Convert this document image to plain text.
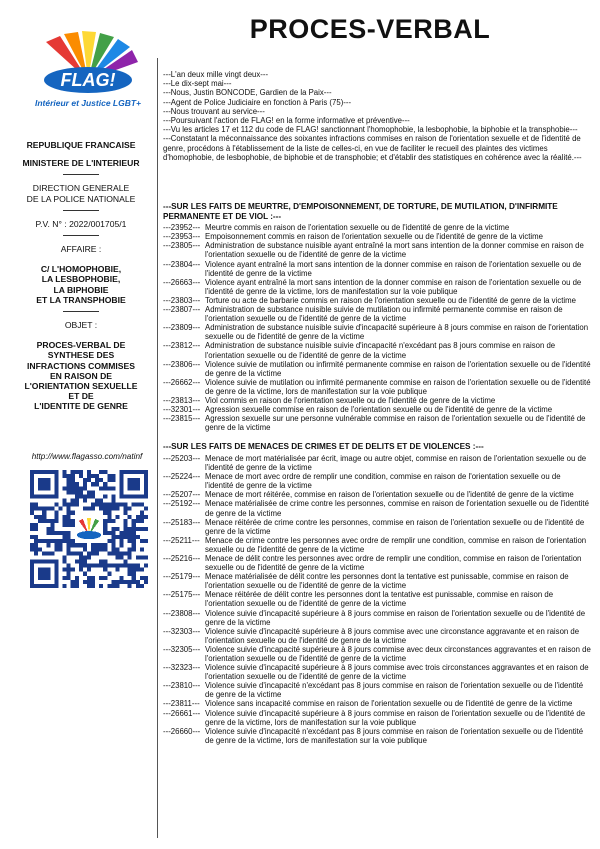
PROCES-VERBAL
FLAG!
Intérieur et Justice LGBT+

REPUBLIQUE FRANCAISE

MINISTERE DE L'INTERIEUR

DIRECTION GENERALE

DE LA POLICE NATIONALE

P.V. N° : 2022/001705/1

AFFAIRE :

C/ L'HOMOPHOBIE,

LA LESBOPHOBIE,

LA BIPHOBIE

ET LA TRANSPHOBIE

OBJET :

PROCES-VERBAL DE

SYNTHESE DES

INFRACTIONS COMMISES

EN RAISON DE

L'ORIENTATION SEXUELLE

ET DE

L'IDENTITE DE GENRE

http://www.flagasso.com/natinf

---L'an deux mille vingt deux---

---Le dix-sept mai---

---Nous, Justin BONCODE, Gardien de la Paix---

---Agent de Police Judiciaire en fonction à Paris (75)---

---Nous trouvant au service---

---Poursuivant l'action de FLAG! en la forme informative et préventive---

---Vu les articles 17 et 112 du code de FLAG! sanctionnant l'homophobie, la lesbophobie, la biphobie et la transphobie---

---Constatant la méconnaissance des soixantes infractions commises en raison de l'orientation sexuelle et de l'identité de genre, procédons à l'établissement de la liste de celles-ci, en vue de faciliter le recueil des plaintes des victimes d'homophobie, de lesbophobie, de biphobie et de transphobie; et d'établir des statistiques en cohérence avec la réalité.---

---SUR LES FAITS DE MEURTRE, D'EMPOISONNEMENT, DE TORTURE, DE MUTILATION, D'INFIRMITE PERMANENTE ET DE VIOL :---
---23952--- Meurtre commis en raison de l'orientation sexuelle ou de l'identité de genre de la victime
---23953--- Empoisonnement commis en raison de l'orientation sexuelle ou de l'identité de genre de la victime
---23805--- Administration de substance nuisible ayant entraîné la mort sans intention de la donner commise en raison de l'orientation sexuelle ou de l'identité de genre de la victime
---23804--- Violence ayant entraîné la mort sans intention de la donner commise en raison de l'orientation sexuelle ou de l'identité de genre de la victime
---26663--- Violence ayant entraîné la mort sans intention de la donner commise en raison de l'orientation sexuelle ou de l'identité de genre de la victime, lors de manifestation sur la voie publique
---23803--- Torture ou acte de barbarie commis en raison de l'orientation sexuelle ou de l'identité de genre de la victime
---23807--- Administration de substance nuisible suivie de mutilation ou infirmité permanente commise en raison de l'orientation sexuelle ou de l'identité de genre de la victime
---23809--- Administration de substance nuisible suivie d'incapacité supérieure à 8 jours commise en raison de l'orientation sexuelle ou de l'identité de genre de la victime
---23812--- Administration de substance nuisible suivie d'incapacité n'excédant pas 8 jours commise en raison de l'orientation sexuelle ou de l'identité de genre de la victime
---23806--- Violence suivie de mutilation ou infirmité permanente commise en raison de l'orientation sexuelle ou de l'identité de genre de la victime
---26662--- Violence suivie de mutilation ou infirmité permanente commise en raison de l'orientation sexuelle ou de l'identité de genre de la victime, lors de manifestation sur la voie publique
---23813--- Viol commis en raison de l'orientation sexuelle ou de l'identité de genre de la victime
---32301--- Agression sexuelle commise en raison de l'orientation sexuelle ou de l'identité de genre de la victime
---23815--- Agression sexuelle sur une personne vulnérable commise en raison de l'orientation sexuelle ou de l'identité de genre de la victime
---SUR LES FAITS DE MENACES DE CRIMES ET DE DELITS ET DE VIOLENCES :---
---25203--- Menace de mort matérialisée par écrit, image ou autre objet, commise en raison de l'orientation sexuelle ou de l'identité de genre de la victime
---25224--- Menace de mort avec ordre de remplir une condition, commise en raison de l'orientation sexuelle ou de l'identité de genre de la victime
---25207--- Menace de mort réitérée, commise en raison de l'orientation sexuelle ou de l'identité de genre de la victime
---25192--- Menace matérialisée de crime contre les personnes, commise en raison de l'orientation sexuelle ou de l'identité de genre de la victime
---25183--- Menace réitérée de crime contre les personnes, commise en raison de l'orientation sexuelle ou de l'identité de genre de la victime
---25211--- Menace de crime contre les personnes avec ordre de remplir une condition, commise en raison de l'orientation sexuelle ou de l'identité de genre de la victime
---25216--- Menace de délit contre les personnes avec ordre de remplir une condition, commise en raison de l'orientation sexuelle ou de l'identité de genre de la victime
---25179--- Menace matérialisée de délit contre les personnes dont la tentative est punissable, commise en raison de l'orientation sexuelle ou de l'identité de genre de la victime
---25175--- Menace réitérée de délit contre les personnes dont la tentative est punissable, commise en raison de l'orientation sexuelle ou de l'identité de genre de la victime
---23808--- Violence suivie d'incapacité supérieure à 8 jours commise en raison de l'orientation sexuelle ou de l'identité de genre de la victime
---32303--- Violence suivie d'incapacité supérieure à 8 jours commise avec une circonstance aggravante et en raison de l'orientation sexuelle ou de l'identité de genre de la victime
---32305--- Violence suivie d'incapacité supérieure à 8 jours commise avec deux circonstances aggravantes et en raison de l'orientation sexuelle ou de l'identité de genre de la victime
---32323--- Violence suivie d'incapacité supérieure à 8 jours commise avec trois circonstances aggravantes et en raison de l'orientation sexuelle ou de l'identité de genre de la victime
---23810--- Violence suivie d'incapacité n'excédant pas 8 jours commise en raison de l'orientation sexuelle ou de l'identité de genre de la victime
---23811--- Violence sans incapacité commise en raison de l'orientation sexuelle ou de l'identité de genre de la victime
---26661--- Violence suivie d'incapacité supérieure à 8 jours commise en raison de l'orientation sexuelle ou de l'identité de genre de la victime, lors de manifestation sur la voie publique
---26660--- Violence suivie d'incapacité n'excédant pas 8 jours commise en raison de l'orientation sexuelle ou de l'identité de genre de la victime, lors de manifestation sur la voie publique
